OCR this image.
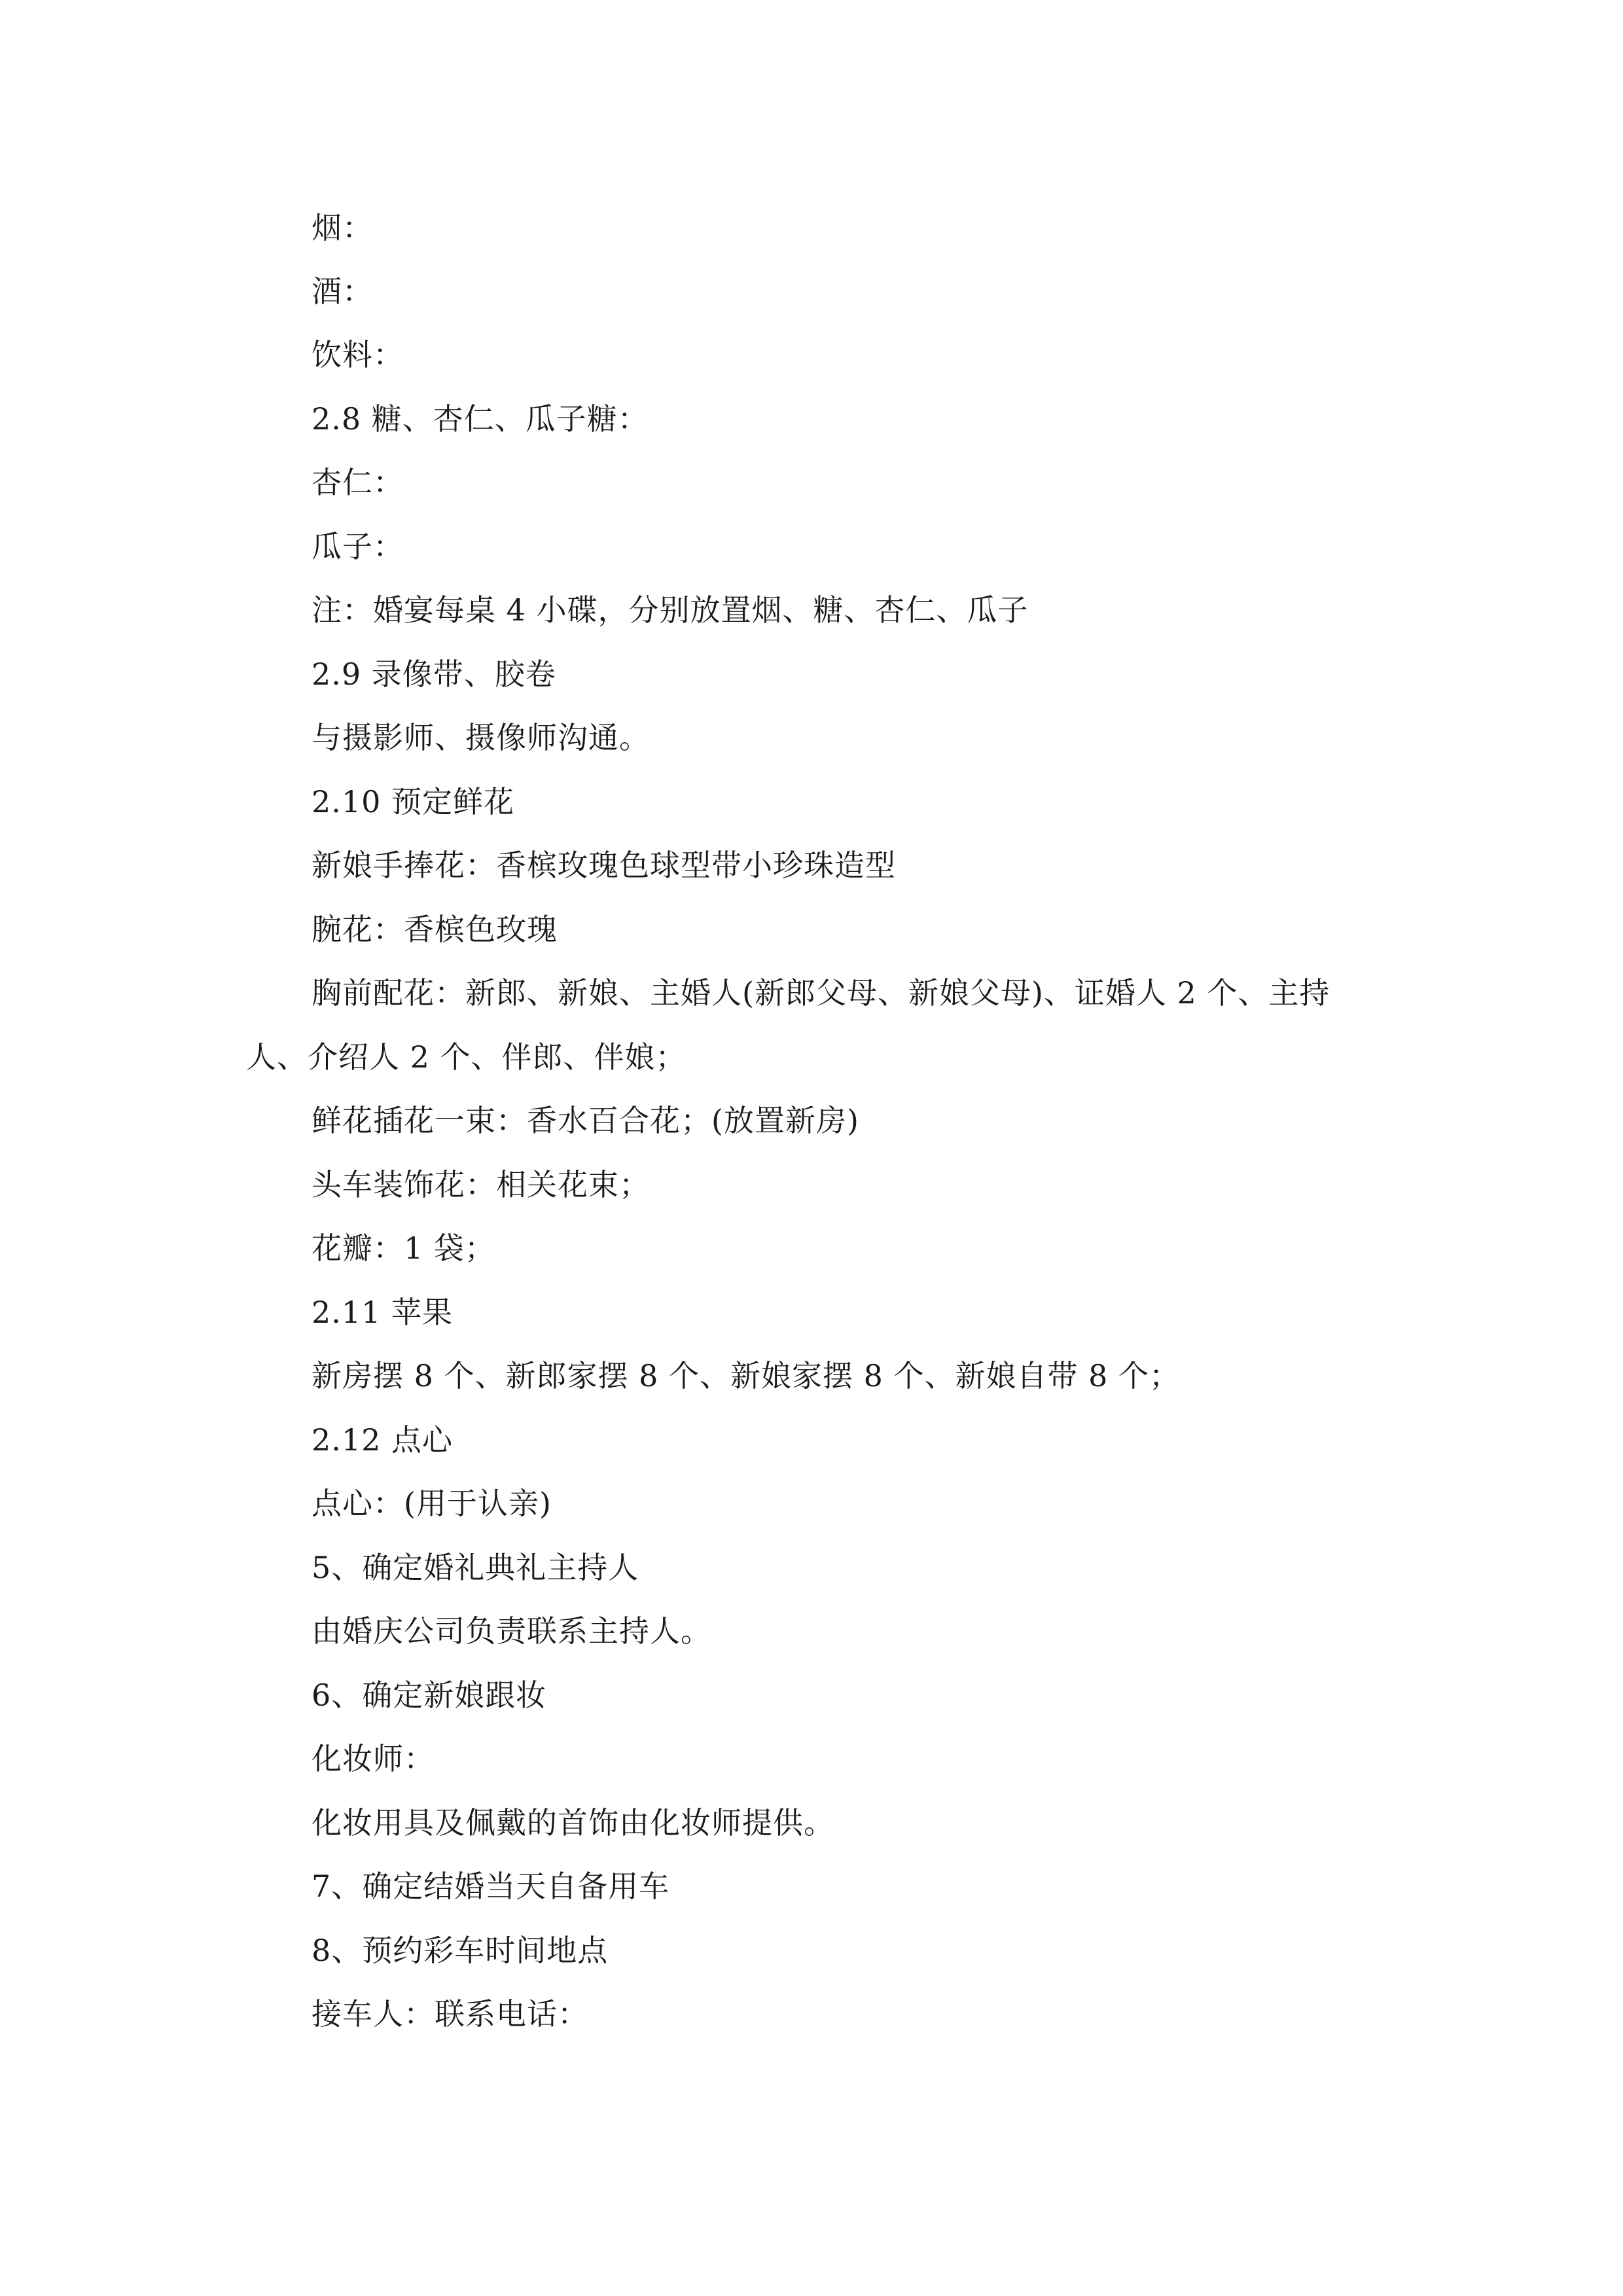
烟：
酒：
饮料：
2.8 糖、杏仁、瓜子糖：
杏仁：
瓜子：
注：婚宴每桌 4 小碟，分别放置烟、糖、杏仁、瓜子
2.9 录像带、胶卷
与摄影师、摄像师沟通。
2.10 预定鲜花
新娘手捧花：香槟玫瑰色球型带小珍珠造型
腕花：香槟色玫瑰
胸前配花：新郎、新娘、主婚人(新郎父母、新娘父母)、证婚人 2 个、主持
人、介绍人 2 个、伴郎、伴娘；
鲜花插花一束：香水百合花；(放置新房)
头车装饰花：相关花束；
花瓣：1 袋；
2.11 苹果
新房摆 8 个、新郎家摆 8 个、新娘家摆 8 个、新娘自带 8 个；
2.12 点心
点心：(用于认亲)
5、确定婚礼典礼主持人
由婚庆公司负责联系主持人。
6、确定新娘跟妆
化妆师：
化妆用具及佩戴的首饰由化妆师提供。
7、确定结婚当天自备用车
8、预约彩车时间地点
接车人：联系电话：
